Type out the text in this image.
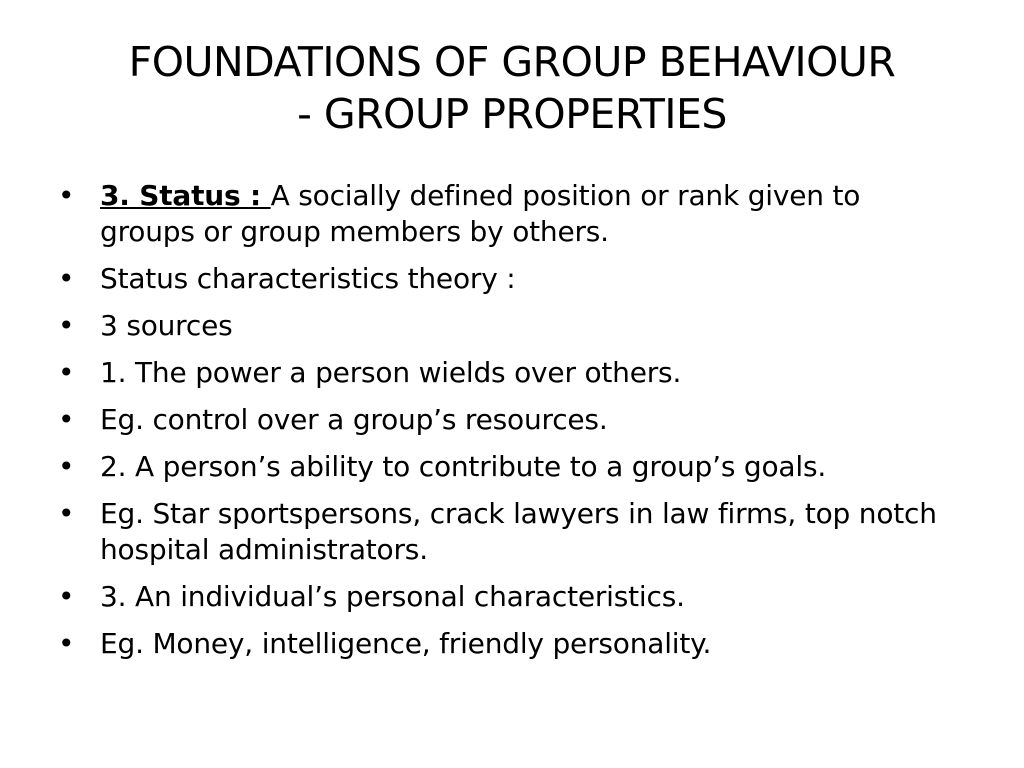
FOUNDATIONS OF GROUP BEHAVIOUR
- GROUP PROPERTIES
• 3. Status : A socially defined position or rank given to groups or group members by others.
• Status characteristics theory :
• 3 sources
• 1. The power a person wields over others.
• Eg. control over a group’s resources.
• 2. A person’s ability to contribute to a group’s goals.
• Eg. Star sportspersons, crack lawyers in law firms, top notch hospital administrators.
• 3. An individual’s personal characteristics.
• Eg. Money, intelligence, friendly personality.
